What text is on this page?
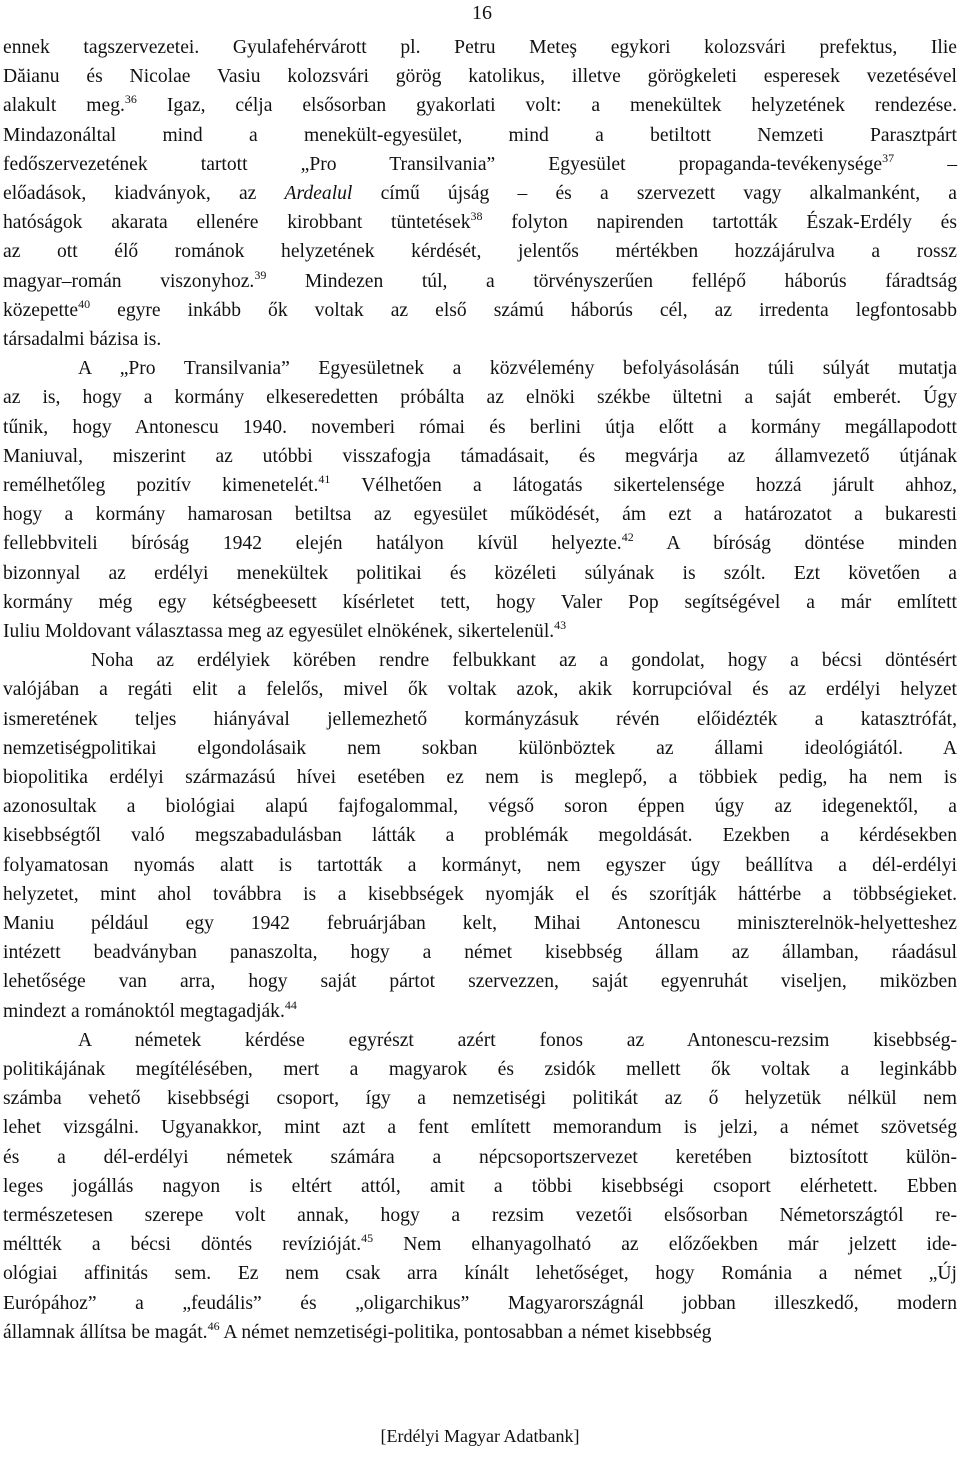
16
ennek tagszervezetei. Gyulafehérvárott pl. Petru Meteş egykori kolozsvári prefektus, Ilie
Dăianu és Nicolae Vasiu kolozsvári görög katolikus, illetve görögkeleti esperesek vezetésével
alakult meg.$^{36}$ Igaz, célja elsősorban gyakorlati volt: a menekültek helyzetének rendezése.
Mindazonáltal mind a menekült-egyesület, mind a betiltott Nemzeti Parasztpárt
fedőszervezetének tartott „Pro Transilvania” Egyesület propaganda-tevékenysége$^{37}$ –
előadások, kiadványok, az Ardealul című újság – és a szervezett vagy alkalmanként, a
hatóságok akarata ellenére kirobbant tüntetések$^{38}$ folyton napirenden tartották Észak-Erdély és
az ott élő románok helyzetének kérdését, jelentős mértékben hozzájárulva a rossz
magyar–román viszonyhoz.$^{39}$ Mindezen túl, a törvényszerűen fellépő háborús fáradtság
közepette$^{40}$ egyre inkább ők voltak az első számú háborús cél, az irredenta legfontosabb
társadalmi bázisa is.
A „Pro Transilvania” Egyesületnek a közvélemény befolyásolásán túli súlyát mutatja
az is, hogy a kormány elkeseredetten próbálta az elnöki székbe ültetni a saját emberét. Úgy
tűnik, hogy Antonescu 1940. novemberi római és berlini útja előtt a kormány megállapodott
Maniuval, miszerint az utóbbi visszafogja támadásait, és megvárja az államvezető útjának
remélhetőleg pozitív kimenetelét.$^{41}$ Vélhetően a látogatás sikertelensége hozzá járult ahhoz,
hogy a kormány hamarosan betiltsa az egyesület működését, ám ezt a határozatot a bukaresti
fellebbviteli bíróság 1942 elején hatályon kívül helyezte.$^{42}$ A bíróság döntése minden
bizonnyal az erdélyi menekültek politikai és közéleti súlyának is szólt. Ezt követően a
kormány még egy kétségbeesett kísérletet tett, hogy Valer Pop segítségével a már említett
Iuliu Moldovant választassa meg az egyesület elnökének, sikertelenül.$^{43}$
Noha az erdélyiek körében rendre felbukkant az a gondolat, hogy a bécsi döntésért
valójában a regáti elit a felelős, mivel ők voltak azok, akik korrupcióval és az erdélyi helyzet
ismeretének teljes hiányával jellemezhető kormányzásuk révén előidézték a katasztrófát,
nemzetiségpolitikai elgondolásaik nem sokban különböztek az állami ideológiától. A
biopolitika erdélyi származású hívei esetében ez nem is meglepő, a többiek pedig, ha nem is
azonosultak a biológiai alapú fajfogalommal, végső soron éppen úgy az idegenektől, a
kisebbségtől való megszabadulásban látták a problémák megoldását. Ezekben a kérdésekben
folyamatosan nyomás alatt is tartották a kormányt, nem egyszer úgy beállítva a dél-erdélyi
helyzetet, mint ahol továbbra is a kisebbségek nyomják el és szorítják háttérbe a többségieket.
Maniu például egy 1942 februárjában kelt, Mihai Antonescu miniszterelnök-helyetteshez
intézett beadványban panaszolta, hogy a német kisebbség állam az államban, ráadásul
lehetősége van arra, hogy saját pártot szervezzen, saját egyenruhát viseljen, miközben
mindezt a románoktól megtagadják.$^{44}$
A németek kérdése egyrészt azért fonos az Antonescu-rezsim kisebbség-
politikájának megítélésében, mert a magyarok és zsidók mellett ők voltak a leginkább
számba vehető kisebbségi csoport, így a nemzetiségi politikát az ő helyzetük nélkül nem
lehet vizsgálni. Ugyanakkor, mint azt a fent említett memorandum is jelzi, a német szövetség
és a dél-erdélyi németek számára a népcsoportszervezet keretében biztosított külön-
leges jogállás nagyon is eltért attól, amit a többi kisebbségi csoport elérhetett. Ebben
természetesen szerepe volt annak, hogy a rezsim vezetői elsősorban Németországtól re-
méltték a bécsi döntés revízióját.$^{45}$ Nem elhanyagolható az előzőekben már jelzett ide-
ológiai affinitás sem. Ez nem csak arra kínált lehetőséget, hogy Románia a német „Új
Európához” a „feudális” és „oligarchikus” Magyarországnál jobban illeszkedő, modern
államnak állítsa be magát.$^{46}$ A német nemzetiségi-politika, pontosabban a német kisebbség
[Erdélyi Magyar Adatbank]
